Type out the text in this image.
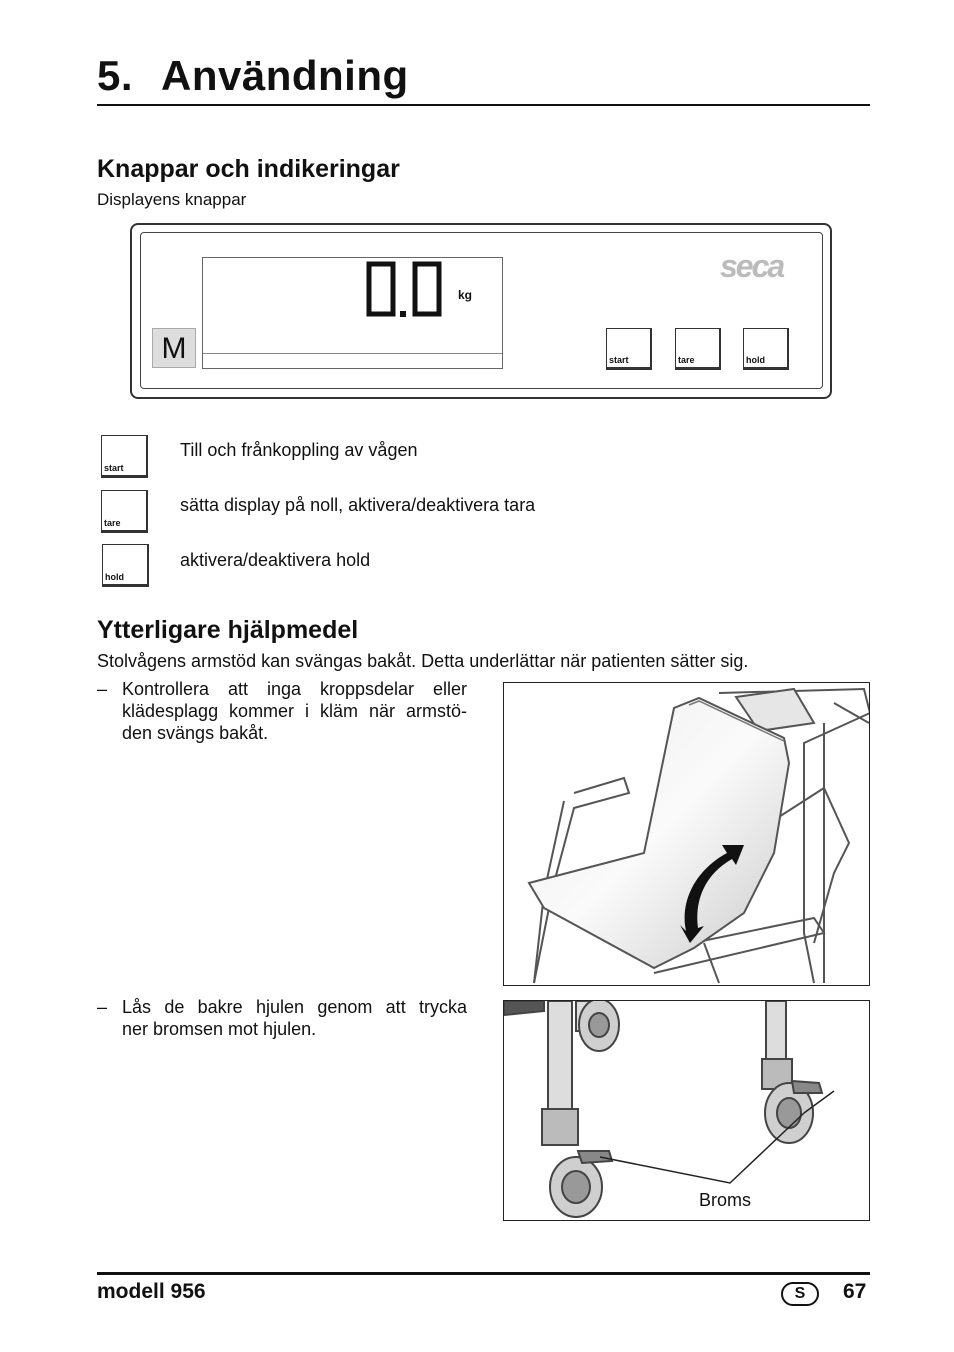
5. Användning
Knappar och indikeringar
Displayens knappar
kg
M
seca
start	tare	hold
start
Till och frånkoppling av vågen
tare
sätta display på noll, aktivera/deaktivera tara
hold
aktivera/deaktivera hold
Ytterligare hjälpmedel
Stolvågens armstöd kan svängas bakåt. Detta underlättar när patienten sätter sig.
– Kontrollera att inga kroppsdelar eller
klädesplagg kommer i kläm när armstö-
den svängs bakåt.
– Lås de bakre hjulen genom att trycka
ner bromsen mot hjulen.
Broms
modell 956	S	67
